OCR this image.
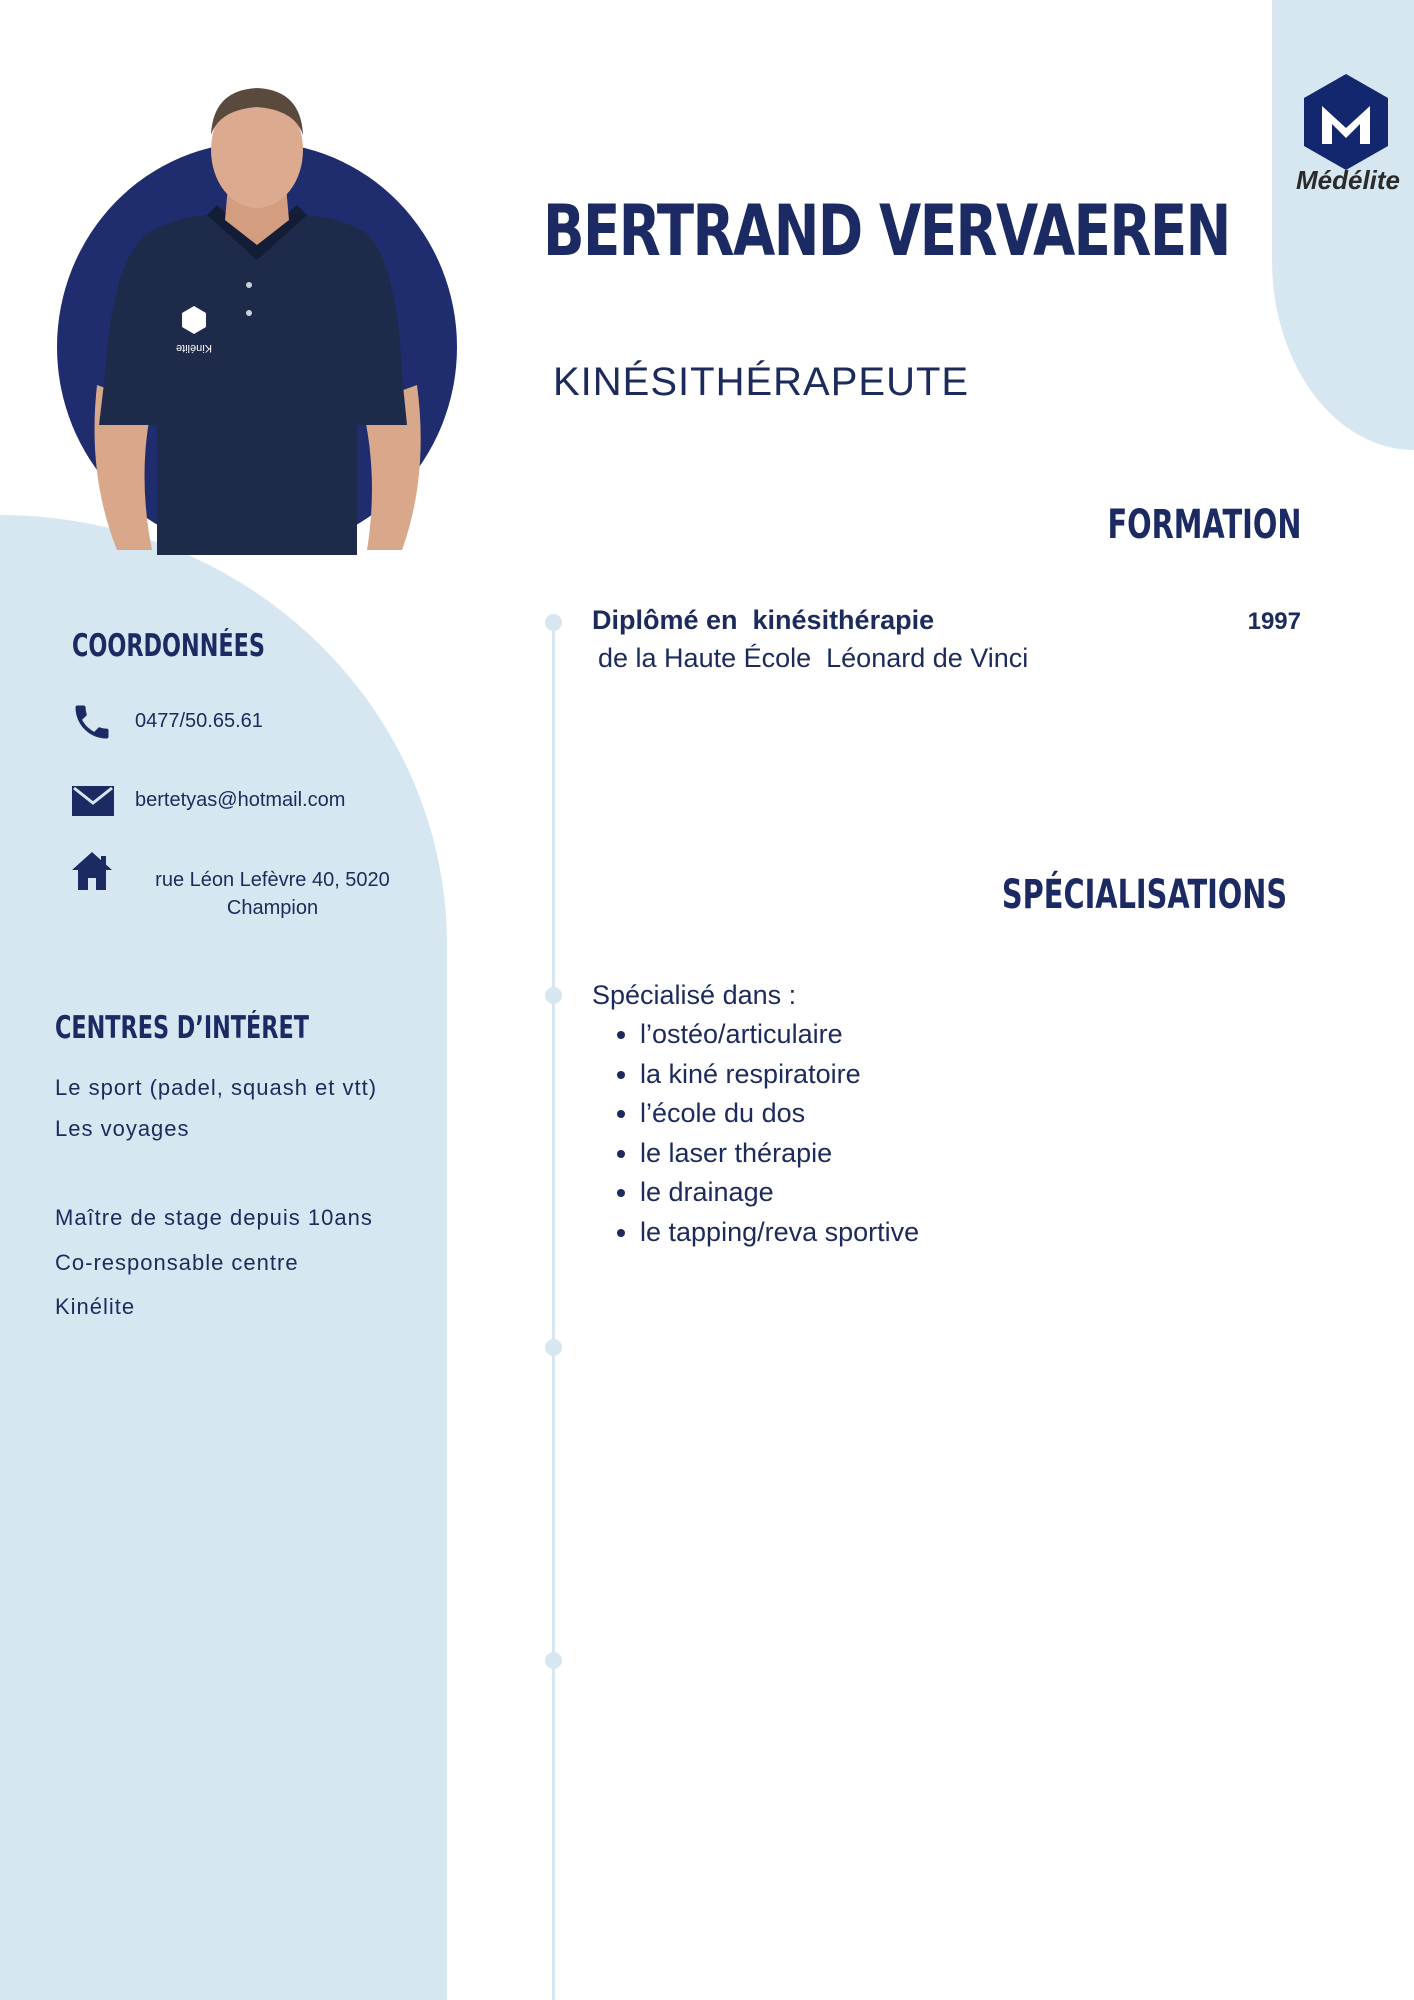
Kinélite
Médélite
BERTRAND VERVAEREN
KINÉSITHÉRAPEUTE
COORDONNÉES
0477/50.65.61
bertetyas@hotmail.com
rue Léon Lefèvre 40, 5020 Champion
CENTRES D’INTÉRET
Le sport (padel, squash et vtt)
Les voyages
Maître de stage depuis 10ans
Co-responsable centre
Kinélite
FORMATION

Diplômé en  kinésithérapie	1997

de la Haute École  Léonard de Vinci

SPÉCIALISATIONS

Spécialisé dans :

• l’ostéo/articulaire
• la kiné respiratoire
• l’école du dos
• le laser thérapie
• le drainage
• le tapping/reva sportive
